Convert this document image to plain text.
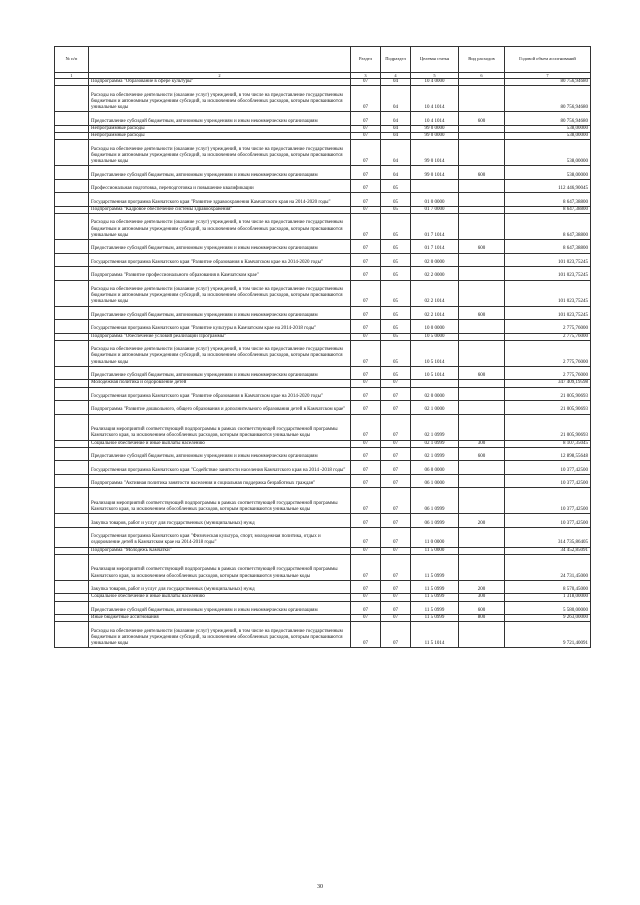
№ п/п		Раздел	Подраздел	Целевая статья	Вид расходов	Годовой объем ассигнований
1	2	3	4	5	6	7
	Подпрограмма "Образование в сфере культуры"	07	04	10 4 0000		80 756,94680
	Расходы на обеспечение деятельности (оказание услуг) учреждений, в том числе на предоставление государственным бюджетным и автономным учреждениям субсидий, за исключением обособленных расходов, которым присваиваются уникальные коды	07	04	10 4 1014		80 756,94680
	Предоставление субсидий бюджетным, автономным учреждениям и иным некоммерческим организациям	07	04	10 4 1014	600	80 756,94680
	Непрограммные расходы	07	04	99 0 0000		538,00000
	Непрограммные расходы	07	04	99 0 0000		538,00000
	Расходы на обеспечение деятельности (оказание услуг) учреждений, в том числе на предоставление государственным бюджетным и автономным учреждениям субсидий, за исключением обособленных расходов, которым присваиваются уникальные коды	07	04	99 0 1014		538,00000
	Предоставление субсидий бюджетным, автономным учреждениям и иным некоммерческим организациям	07	04	99 0 1014	600	538,00000
	Профессиональная подготовка, переподготовка и повышение квалификации	07	05			112 446,90045
	Государственная программа Камчатского края "Развитие здравоохранения Камчатского края на 2014-2020 годы"	07	05	01 0 0000		8 647,38800
	Подпрограмма "Кадровое обеспечение системы здравоохранения"	07	05	01 7 0000		8 647,38800
	Расходы на обеспечение деятельности (оказание услуг) учреждений, в том числе на предоставление государственным бюджетным и автономным учреждениям субсидий, за исключением обособленных расходов, которым присваиваются уникальные коды	07	05	01 7 1014		8 647,38800
	Предоставление субсидий бюджетным, автономным учреждениям и иным некоммерческим организациям	07	05	01 7 1014	600	8 647,38800
	Государственная программа Камчатского края "Развитие образования в Камчатском крае на 2014-2020 годы"	07	05	02 0 0000		101 023,75245
	Подпрограмма "Развитие профессионального образования в Камчатском крае"	07	05	02 2 0000		101 023,75245
	Расходы на обеспечение деятельности (оказание услуг) учреждений, в том числе на предоставление государственным бюджетным и автономным учреждениям субсидий, за исключением обособленных расходов, которым присваиваются уникальные коды	07	05	02 2 1014		101 023,75245
	Предоставление субсидий бюджетным, автономным учреждениям и иным некоммерческим организациям	07	05	02 2 1014	600	101 023,75245
	Государственная программа Камчатского края "Развитие культуры в Камчатском крае на 2014-2018 годы"	07	05	10 0 0000		2 775,76000
	Подпрограмма "Обеспечение условий реализации Программы"	07	05	10 5 0000		2 775,76000
	Расходы на обеспечение деятельности (оказание услуг) учреждений, в том числе на предоставление государственным бюджетным и автономным учреждениям субсидий, за исключением обособленных расходов, которым присваиваются уникальные коды	07	05	10 5 1014		2 775,76000
	Предоставление субсидий бюджетным, автономным учреждениям и иным некоммерческим организациям	07	05	10 5 1014	600	2 775,76000
	Молодежная политика и оздоровление детей	07	07			347 409,19598
	Государственная программа Камчатского края "Развитие образования в Камчатском крае на 2014-2020 годы"	07	07	02 0 0000		21 005,90693
	Подпрограмма "Развитие дошкольного, общего образования и дополнительного образования детей в Камчатском крае"	07	07	02 1 0000		21 005,90693
	Реализация мероприятий соответствующей подпрограммы в рамках соответствующей государственной программы Камчатского края, за исключением обособленных расходов, которым присваиваются уникальные коды	07	07	02 1 0999		21 005,90693
	Социальное обеспечение и иные выплаты населению	07	07	02 1 0999	300	8 107,35045
	Предоставление субсидий бюджетным, автономным учреждениям и иным некоммерческим организациям	07	07	02 1 0999	600	12 898,55648
	Государственная программа Камчатского края "Содействие занятости населения Камчатского края на 2014 -2018 годы"	07	07	06 0 0000		10 377,42500
	Подпрограмма "Активная политика занятости населения и социальная поддержка безработных граждан"	07	07	06 1 0000		10 377,42500
	Реализация мероприятий соответствующей подпрограммы в рамках соответствующей государственной программы Камчатского края, за исключением обособленных расходов, которым присваиваются уникальные коды	07	07	06 1 0999		10 377,42500
	Закупка товаров, работ и услуг для государственных (муниципальных) нужд	07	07	06 1 0999	200	10 377,42500
	Государственная программа Камчатского края "Физическая культура, спорт, молодежная политика, отдых и оздоровление детей в Камчатском крае на 2014-2018 годы"	07	07	11 0 0000		314 735,86405
	Подпрограмма "Молодежь Камчатки"	07	07	11 5 0000		34 452,85091
	Реализация мероприятий соответствующей подпрограммы в рамках соответствующей государственной программы Камчатского края, за исключением обособленных расходов, которым присваиваются уникальные коды	07	07	11 5 0999		24 731,45000
	Закупка товаров, работ и услуг для государственных (муниципальных) нужд	07	07	11 5 0999	200	8 570,45000
	Социальное обеспечение и иные выплаты населению	07	07	11 5 0999	300	1 318,00000
	Предоставление субсидий бюджетным, автономным учреждениям и иным некоммерческим организациям	07	07	11 5 0999	600	5 580,00000
	Иные бюджетные ассигнования	07	07	11 5 0999	800	9 263,00000
	Расходы на обеспечение деятельности (оказание услуг) учреждений, в том числе на предоставление государственным бюджетным и автономным учреждениям субсидий, за исключением обособленных расходов, которым присваиваются уникальные коды	07	07	11 5 1014		9 721,40091
30
